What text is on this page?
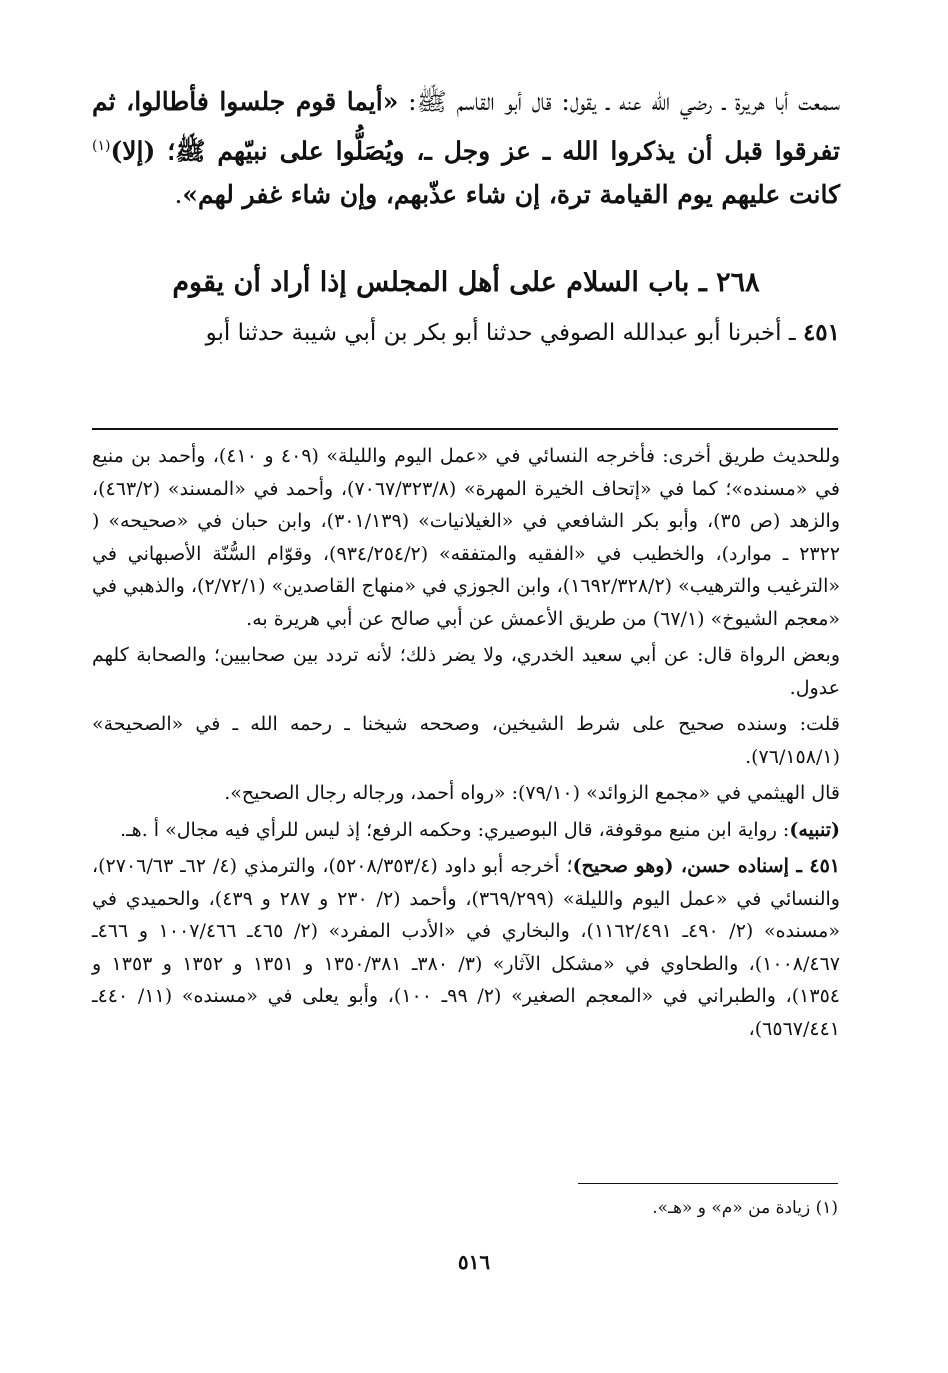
سمعت أبا هريرة ـ رضي الله عنه ـ يقول: قال أبو القاسم ﷺ: «أيما قوم جلسوا فأطالوا، ثم تفرقوا قبل أن يذكروا الله ـ عز وجل ـ، ويُصَلُّوا على نبيّهم ﷺ؛ (إلا)$^{(١)}$ كانت عليهم يوم القيامة ترة، إن شاء عذّبهم، وإن شاء غفر لهم».

٢٦٨ ـ باب السلام على أهل المجلس إذا أراد أن يقوم
٤٥١ ـ أخبرنا أبو عبدالله الصوفي حدثنا أبو بكر بن أبي شيبة حدثنا أبو

وللحديث طريق أخرى: فأخرجه النسائي في «عمل اليوم والليلة» (٤٠٩ و ٤١٠)، وأحمد بن منيع في «مسنده»؛ كما في «إتحاف الخيرة المهرة» (٧٠٦٧/٣٢٣/٨)، وأحمد في «المسند» (٤٦٣/٢)، والزهد (ص ٣٥)، وأبو بكر الشافعي في «الغيلانيات» (٣٠١/١٣٩)، وابن حبان في «صحيحه» ( ٢٣٢٢ ـ موارد)، والخطيب في «الفقيه والمتفقه» (٩٣٤/٢٥٤/٢)، وقوّام السُّنّة الأصبهاني في «الترغيب والترهيب» (١٦٩٢/٣٢٨/٢)، وابن الجوزي في «منهاج القاصدين» (٢/٧٢/١)، والذهبي في «معجم الشيوخ» (٦٧/١) من طريق الأعمش عن أبي صالح عن أبي هريرة به.

وبعض الرواة قال: عن أبي سعيد الخدري، ولا يضر ذلك؛ لأنه تردد بين صحابيين؛ والصحابة كلهم عدول.

قلت: وسنده صحيح على شرط الشيخين، وصححه شيخنا ـ رحمه الله ـ في «الصحيحة» (٧٦/١٥٨/١).

قال الهيثمي في «مجمع الزوائد» (٧٩/١٠): «رواه أحمد، ورجاله رجال الصحيح».

(تنبيه): رواية ابن منيع موقوفة، قال البوصيري: وحكمه الرفع؛ إذ ليس للرأي فيه مجال» أ .هـ.

٤٥١ ـ إسناده حسن، (وهو صحيح)؛ أخرجه أبو داود (٥٢٠٨/٣٥٣/٤)، والترمذي (٤/ ٦٢ـ ٢٧٠٦/٦٣)، والنسائي في «عمل اليوم والليلة» (٣٦٩/٢٩٩)، وأحمد (٢/ ٢٣٠ و ٢٨٧ و ٤٣٩)، والحميدي في «مسنده» (٢/ ٤٩٠ـ ١١٦٢/٤٩١)، والبخاري في «الأدب المفرد» (٢/ ٤٦٥ـ ١٠٠٧/٤٦٦ و ٤٦٦ـ ١٠٠٨/٤٦٧)، والطحاوي في «مشكل الآثار» (٣/ ٣٨٠ـ ١٣٥٠/٣٨١ و ١٣٥١ و ١٣٥٢ و ١٣٥٣ و ١٣٥٤)، والطبراني في «المعجم الصغير» (٢/ ٩٩ـ ١٠٠)، وأبو يعلى في «مسنده» (١١/ ٤٤٠ـ ٦٥٦٧/٤٤١)،

(١) زيادة من «م» و «هـ».
٥١٦
